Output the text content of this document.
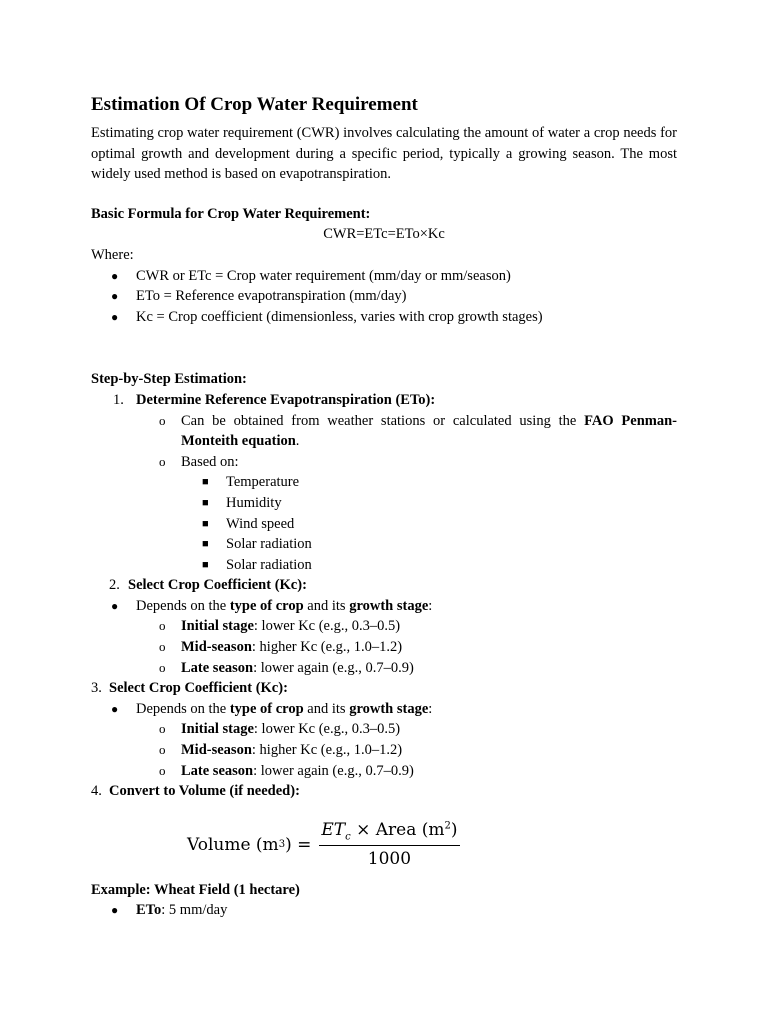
Estimation Of Crop Water Requirement

Estimating crop water requirement (CWR) involves calculating the amount of water a crop needs for optimal growth and development during a specific period, typically a growing season. The most widely used method is based on evapotranspiration.

Basic Formula for Crop Water Requirement:

CWR=ETc=ETo×Kc

Where:

● CWR or ETc = Crop water requirement (mm/day or mm/season)
● ETo = Reference evapotranspiration (mm/day)
● Kc = Crop coefficient (dimensionless, varies with crop growth stages)

Step-by-Step Estimation:

1. Determine Reference Evapotranspiration (ETo):
o Can be obtained from weather stations or calculated using the FAO Penman-Monteith equation.
o Based on:
■ Temperature
■ Humidity
■ Wind speed
■ Solar radiation
■ Solar radiation
2. Select Crop Coefficient (Kc):
● Depends on the type of crop and its growth stage:
o Initial stage: lower Kc (e.g., 0.3–0.5)
o Mid-season: higher Kc (e.g., 1.0–1.2)
o Late season: lower again (e.g., 0.7–0.9)
3. Select Crop Coefficient (Kc):
● Depends on the type of crop and its growth stage:
o Initial stage: lower Kc (e.g., 0.3–0.5)
o Mid-season: higher Kc (e.g., 1.0–1.2)
o Late season: lower again (e.g., 0.7–0.9)
4. Convert to Volume (if needed):
Volume (m 3 ) = $\frac{ET_c \times Area (m^2)}{1000}$

Example: Wheat Field (1 hectare)

● ETo: 5 mm/day
